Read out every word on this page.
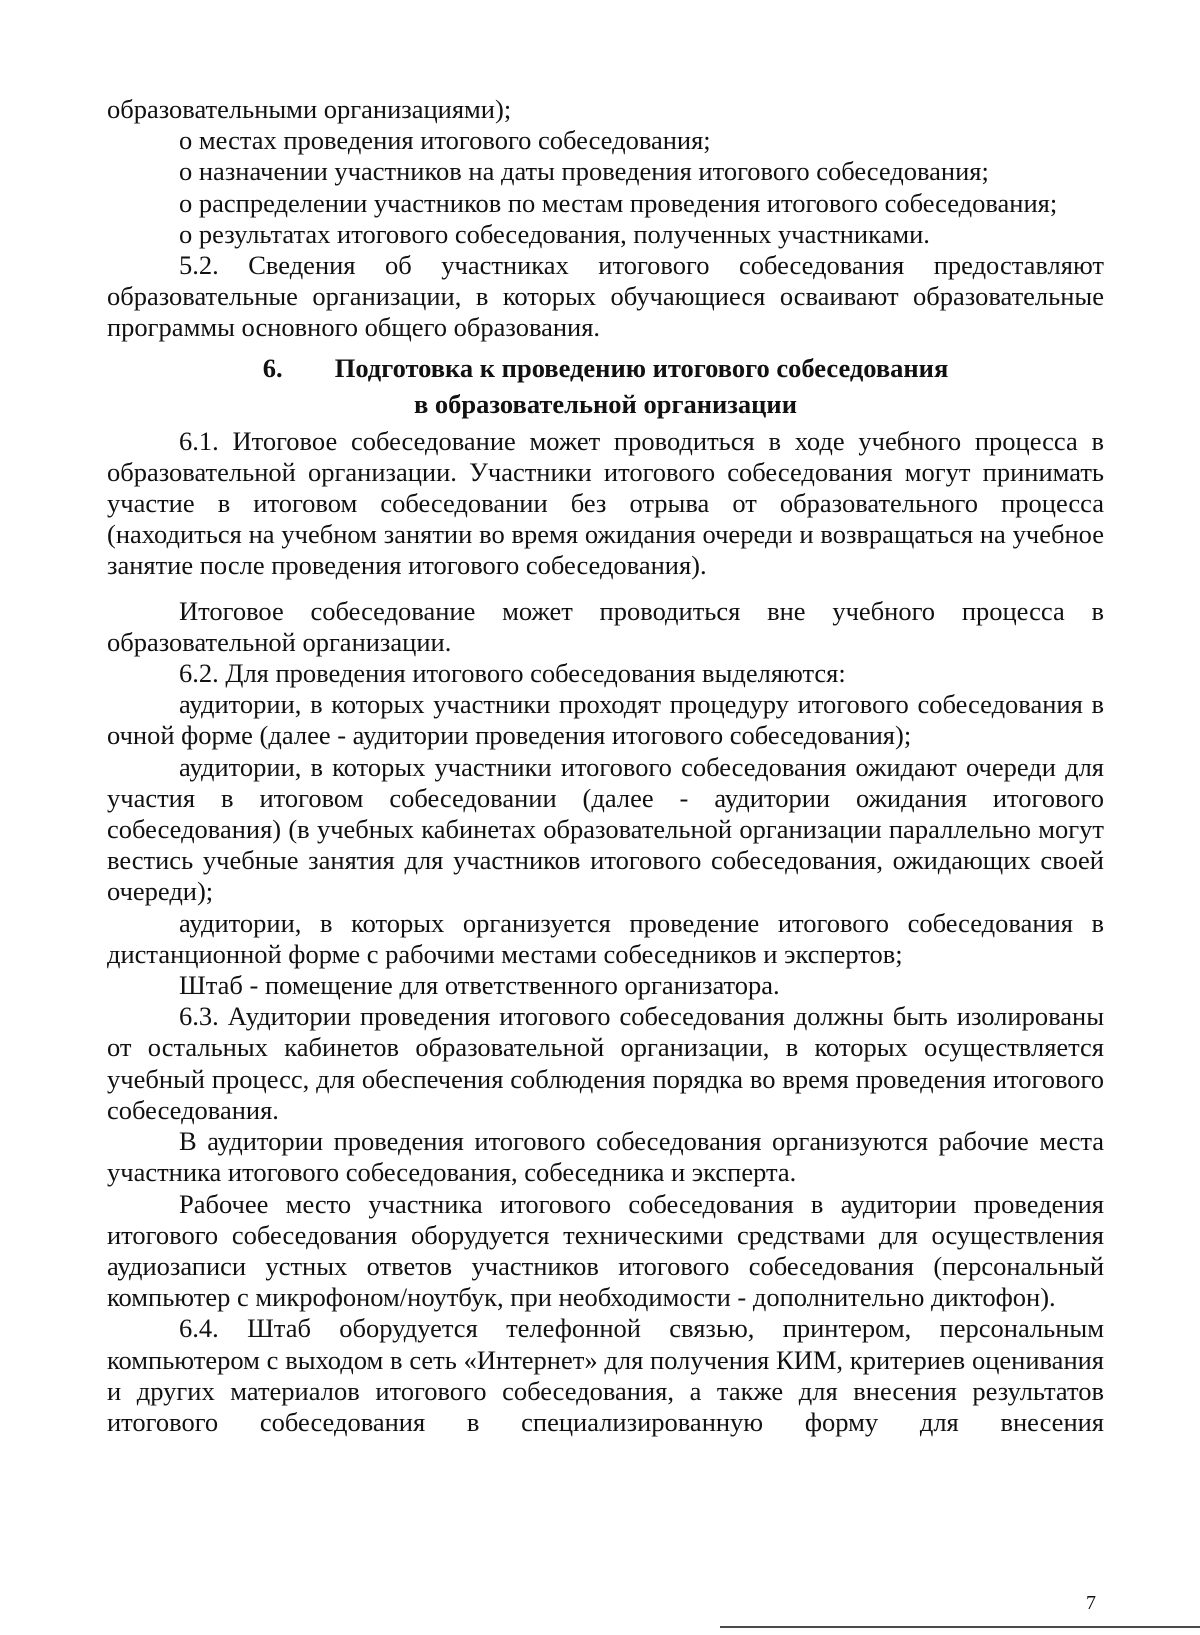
образовательными организациями);

о местах проведения итогового собеседования;

о назначении участников на даты проведения итогового собеседования;

о распределении участников по местам проведения итогового собеседования;

о результатах итогового собеседования, полученных участниками.

5.2. Сведения об участниках итогового собеседования предоставляют образовательные организации, в которых обучающиеся осваивают образовательные программы основного общего образования.

6. Подготовка к проведению итогового собеседования
в образовательной организации

6.1. Итоговое собеседование может проводиться в ходе учебного процесса в образовательной организации. Участники итогового собеседования могут принимать участие в итоговом собеседовании без отрыва от образовательного процесса (находиться на учебном занятии во время ожидания очереди и возвращаться на учебное занятие после проведения итогового собеседования).

Итоговое собеседование может проводиться вне учебного процесса в образовательной организации.

6.2. Для проведения итогового собеседования выделяются:

аудитории, в которых участники проходят процедуру итогового собеседования в очной форме (далее - аудитории проведения итогового собеседования);

аудитории, в которых участники итогового собеседования ожидают очереди для участия в итоговом собеседовании (далее - аудитории ожидания итогового собеседования) (в учебных кабинетах образовательной организации параллельно могут вестись учебные занятия для участников итогового собеседования, ожидающих своей очереди);

аудитории, в которых организуется проведение итогового собеседования в дистанционной форме с рабочими местами собеседников и экспертов;

Штаб - помещение для ответственного организатора.

6.3. Аудитории проведения итогового собеседования должны быть изолированы от остальных кабинетов образовательной организации, в которых осуществляется учебный процесс, для обеспечения соблюдения порядка во время проведения итогового собеседования.

В аудитории проведения итогового собеседования организуются рабочие места участника итогового собеседования, собеседника и эксперта.

Рабочее место участника итогового собеседования в аудитории проведения итогового собеседования оборудуется техническими средствами для осуществления аудиозаписи устных ответов участников итогового собеседования (персональный компьютер с микрофоном/ноутбук, при необходимости - дополнительно диктофон).

6.4. Штаб оборудуется телефонной связью, принтером, персональным компьютером с выходом в сеть «Интернет» для получения КИМ, критериев оценивания и других материалов итогового собеседования, а также для внесения результатов итогового собеседования в специализированную форму для внесения

7
